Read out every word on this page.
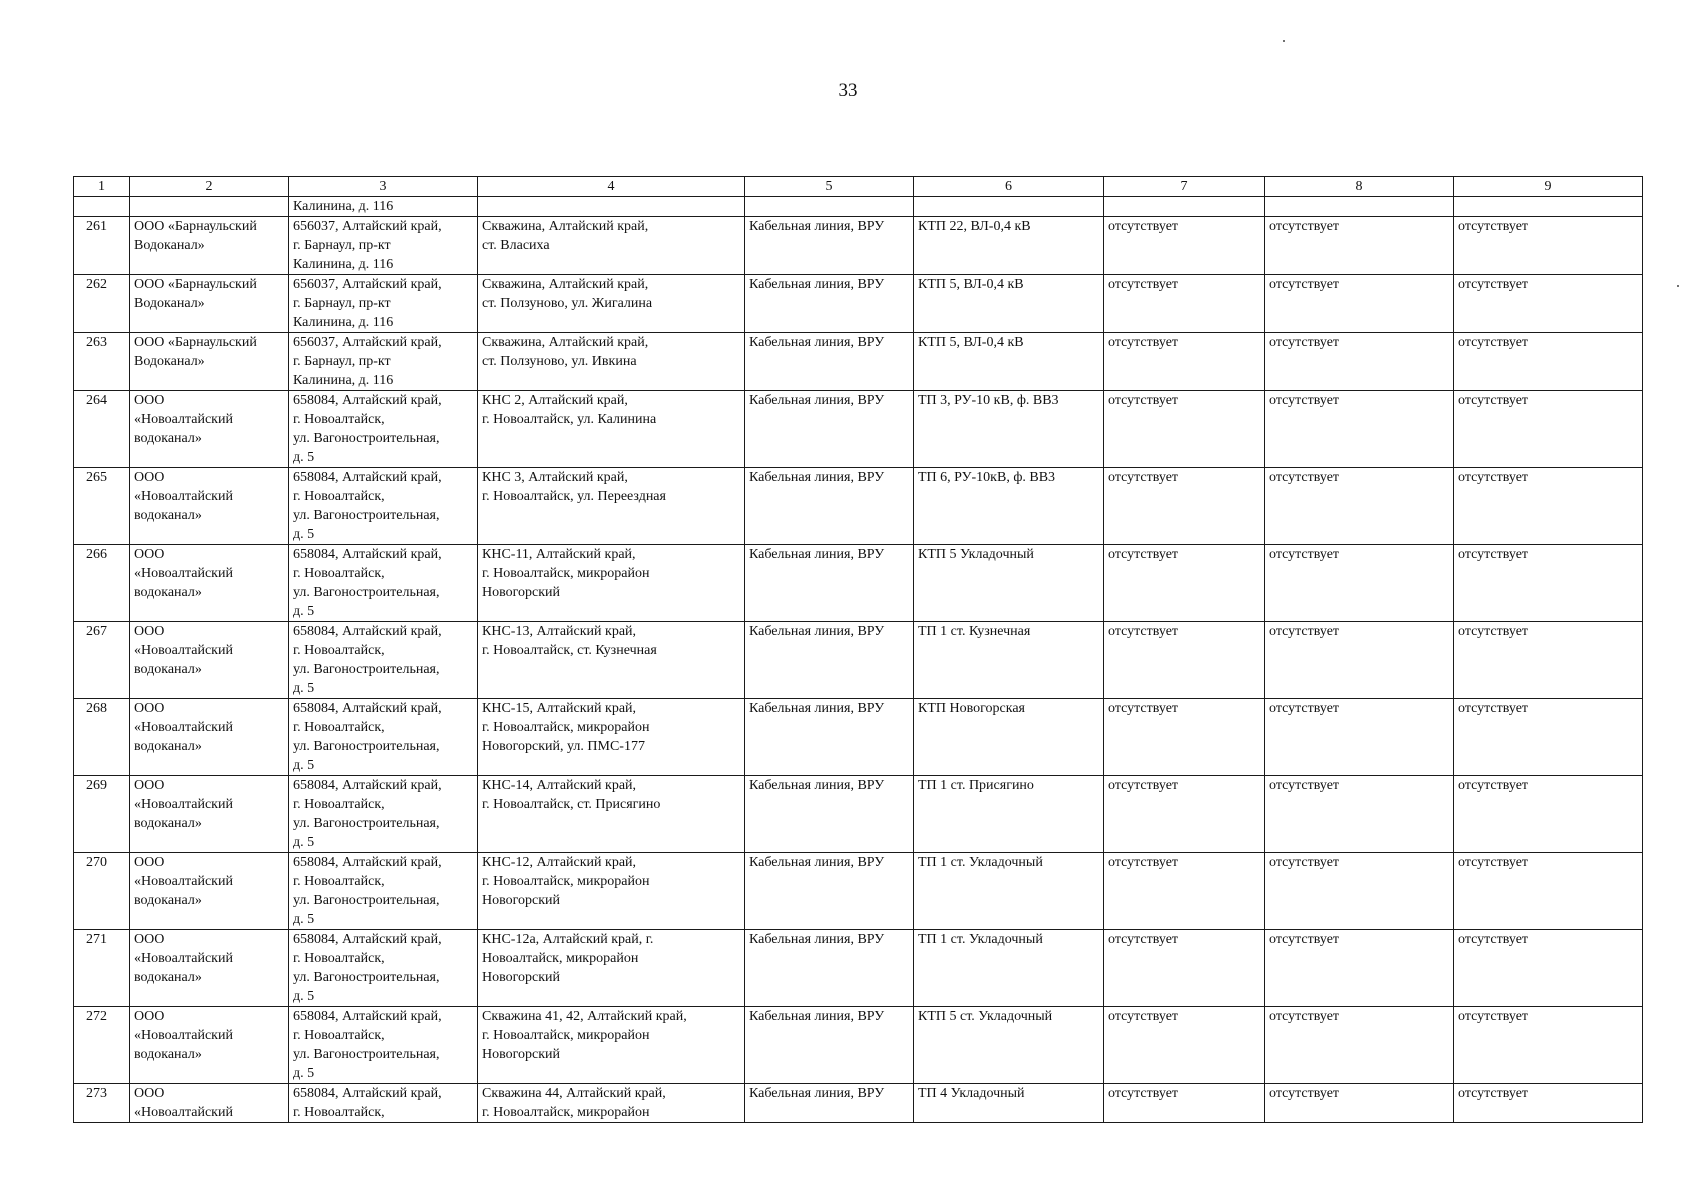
33
1	2	3	4	5	6	7	8	9

		Калинина, д. 116						

261	ООО «Барнаульский
Водоканал»	656037, Алтайский край,
г. Барнаул, пр-кт
Калинина, д. 116	Скважина, Алтайский край,
ст. Власиха	Кабельная линия, ВРУ	КТП 22, ВЛ-0,4 кВ	отсутствует	отсутствует	отсутствует
262	ООО «Барнаульский
Водоканал»	656037, Алтайский край,
г. Барнаул, пр-кт
Калинина, д. 116	Скважина, Алтайский край,
ст. Ползуново, ул. Жигалина	Кабельная линия, ВРУ	КТП 5, ВЛ-0,4 кВ	отсутствует	отсутствует	отсутствует
263	ООО «Барнаульский
Водоканал»	656037, Алтайский край,
г. Барнаул, пр-кт
Калинина, д. 116	Скважина, Алтайский край,
ст. Ползуново, ул. Ивкина	Кабельная линия, ВРУ	КТП 5, ВЛ-0,4 кВ	отсутствует	отсутствует	отсутствует
264	ООО
«Новоалтайский
водоканал»	658084, Алтайский край,
г. Новоалтайск,
ул. Вагоностроительная,
д. 5	КНС 2, Алтайский край,
г. Новоалтайск, ул. Калинина	Кабельная линия, ВРУ	ТП 3, РУ-10 кВ, ф. ВВ3	отсутствует	отсутствует	отсутствует
265	ООО
«Новоалтайский
водоканал»	658084, Алтайский край,
г. Новоалтайск,
ул. Вагоностроительная,
д. 5	КНС 3, Алтайский край,
г. Новоалтайск, ул. Переездная	Кабельная линия, ВРУ	ТП 6, РУ-10кВ, ф. ВВ3	отсутствует	отсутствует	отсутствует
266	ООО
«Новоалтайский
водоканал»	658084, Алтайский край,
г. Новоалтайск,
ул. Вагоностроительная,
д. 5	КНС-11, Алтайский край,
г. Новоалтайск, микрорайон
Новогорский	Кабельная линия, ВРУ	КТП 5 Укладочный	отсутствует	отсутствует	отсутствует
267	ООО
«Новоалтайский
водоканал»	658084, Алтайский край,
г. Новоалтайск,
ул. Вагоностроительная,
д. 5	КНС-13, Алтайский край,
г. Новоалтайск, ст. Кузнечная	Кабельная линия, ВРУ	ТП 1 ст. Кузнечная	отсутствует	отсутствует	отсутствует
268	ООО
«Новоалтайский
водоканал»	658084, Алтайский край,
г. Новоалтайск,
ул. Вагоностроительная,
д. 5	КНС-15, Алтайский край,
г. Новоалтайск, микрорайон
Новогорский, ул. ПМС-177	Кабельная линия, ВРУ	КТП Новогорская	отсутствует	отсутствует	отсутствует
269	ООО
«Новоалтайский
водоканал»	658084, Алтайский край,
г. Новоалтайск,
ул. Вагоностроительная,
д. 5	КНС-14, Алтайский край,
г. Новоалтайск, ст. Присягино	Кабельная линия, ВРУ	ТП 1 ст. Присягино	отсутствует	отсутствует	отсутствует
270	ООО
«Новоалтайский
водоканал»	658084, Алтайский край,
г. Новоалтайск,
ул. Вагоностроительная,
д. 5	КНС-12, Алтайский край,
г. Новоалтайск, микрорайон
Новогорский	Кабельная линия, ВРУ	ТП 1 ст. Укладочный	отсутствует	отсутствует	отсутствует
271	ООО
«Новоалтайский
водоканал»	658084, Алтайский край,
г. Новоалтайск,
ул. Вагоностроительная,
д. 5	КНС-12а, Алтайский край, г.
Новоалтайск, микрорайон
Новогорский	Кабельная линия, ВРУ	ТП 1 ст. Укладочный	отсутствует	отсутствует	отсутствует
272	ООО
«Новоалтайский
водоканал»	658084, Алтайский край,
г. Новоалтайск,
ул. Вагоностроительная,
д. 5	Скважина 41, 42, Алтайский край,
г. Новоалтайск, микрорайон
Новогорский	Кабельная линия, ВРУ	КТП 5 ст. Укладочный	отсутствует	отсутствует	отсутствует
273	ООО
«Новоалтайский	658084, Алтайский край,
г. Новоалтайск,	Скважина 44, Алтайский край,
г. Новоалтайск, микрорайон	Кабельная линия, ВРУ	ТП 4 Укладочный	отсутствует	отсутствует	отсутствует
